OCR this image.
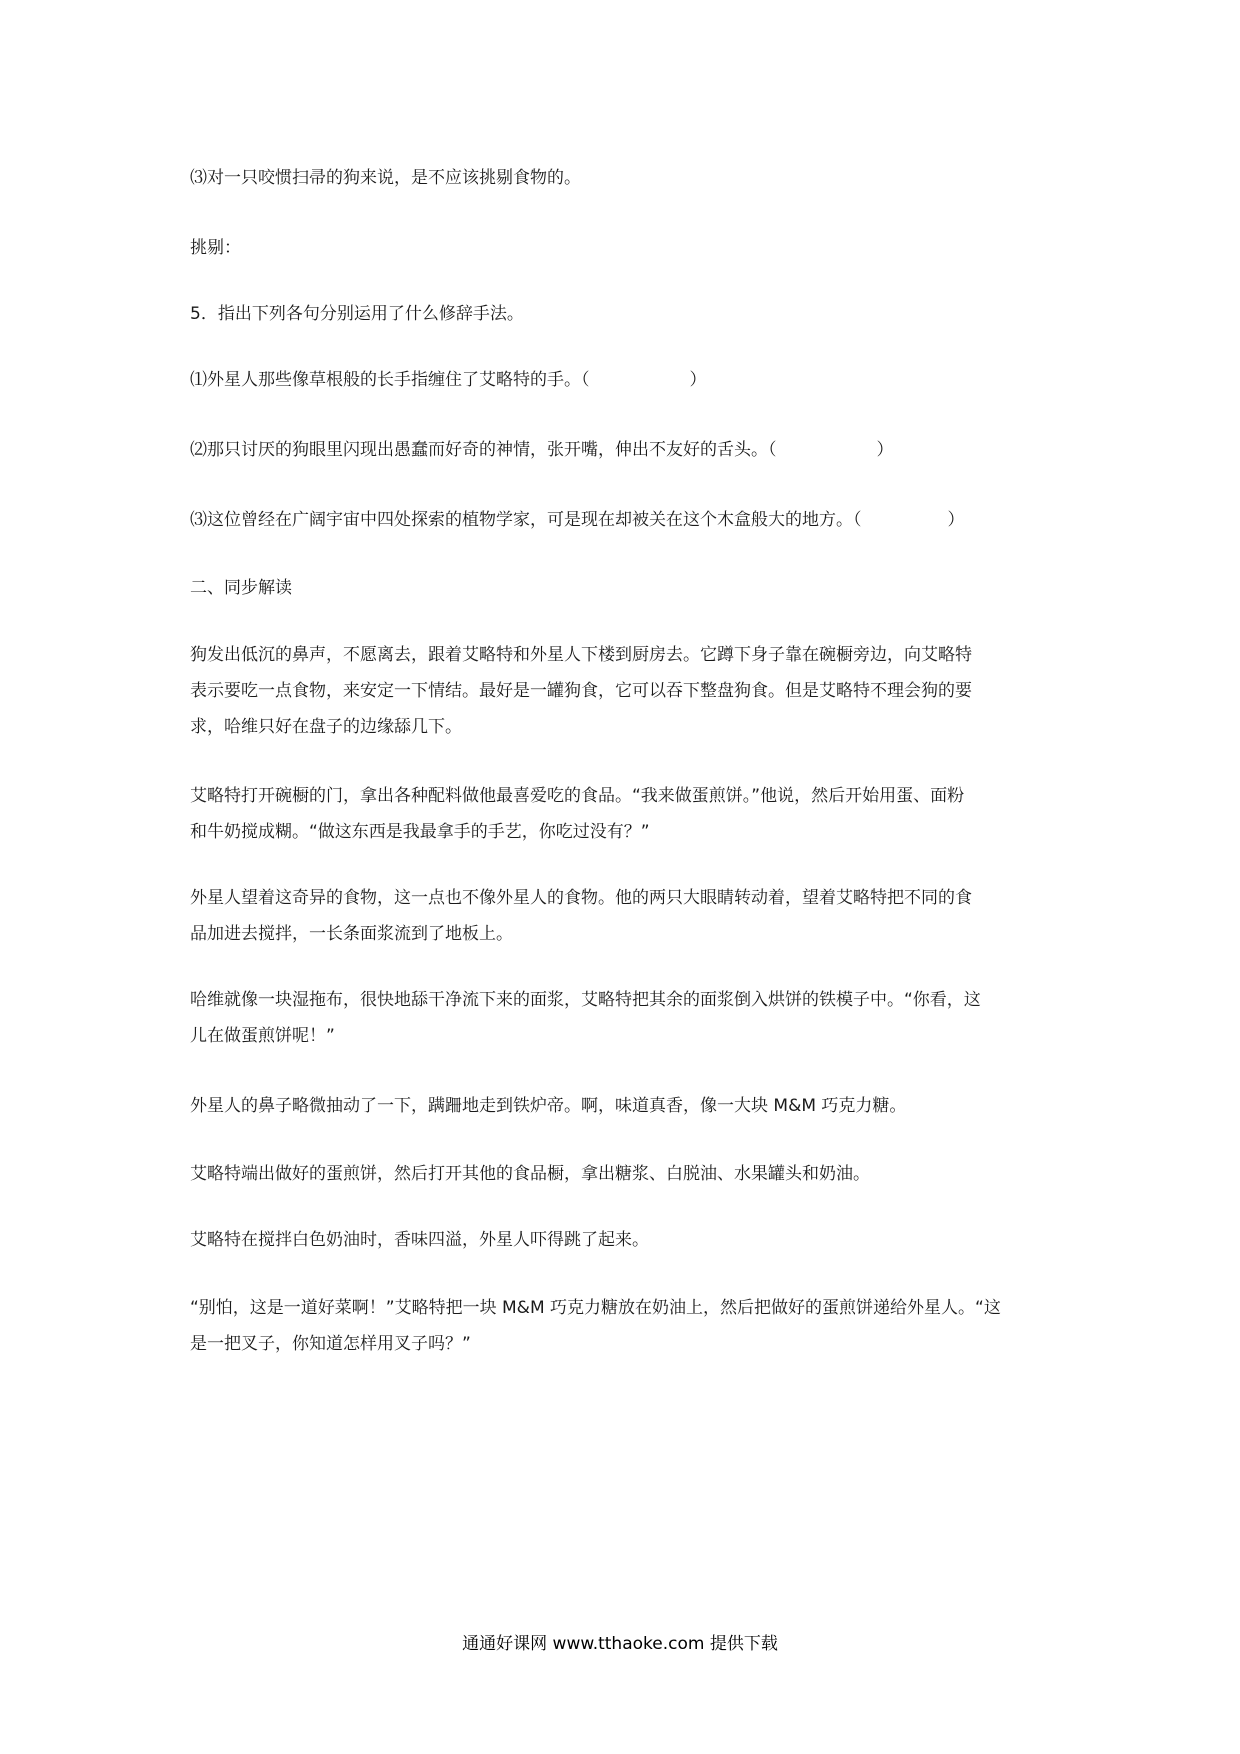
⑶对一只咬惯扫帚的狗来说，是不应该挑剔食物的。
挑剔：
5．指出下列各句分别运用了什么修辞手法。
⑴外星人那些像草根般的长手指缠住了艾略特的手。（	）
⑵那只讨厌的狗眼里闪现出愚蠢而好奇的神情，张开嘴，伸出不友好的舌头。（	）
⑶这位曾经在广阔宇宙中四处探索的植物学家，可是现在却被关在这个木盒般大的地方。（	）
二、同步解读
狗发出低沉的鼻声，不愿离去，跟着艾略特和外星人下楼到厨房去。它蹲下身子靠在碗橱旁边，向艾略特
表示要吃一点食物，来安定一下情结。最好是一罐狗食，它可以吞下整盘狗食。但是艾略特不理会狗的要
求，哈维只好在盘子的边缘舔几下。
艾略特打开碗橱的门，拿出各种配料做他最喜爱吃的食品。“我来做蛋煎饼。”他说，然后开始用蛋、面粉
和牛奶搅成糊。“做这东西是我最拿手的手艺，你吃过没有？”
外星人望着这奇异的食物，这一点也不像外星人的食物。他的两只大眼睛转动着，望着艾略特把不同的食
品加进去搅拌，一长条面浆流到了地板上。
哈维就像一块湿拖布，很快地舔干净流下来的面浆，艾略特把其余的面浆倒入烘饼的铁模子中。“你看，这
儿在做蛋煎饼呢！”
外星人的鼻子略微抽动了一下，蹒跚地走到铁炉帝。啊，味道真香，像一大块 M&M 巧克力糖。
艾略特端出做好的蛋煎饼，然后打开其他的食品橱，拿出糖浆、白脱油、水果罐头和奶油。
艾略特在搅拌白色奶油时，香味四溢，外星人吓得跳了起来。
“别怕，这是一道好菜啊！”艾略特把一块 M&M 巧克力糖放在奶油上，然后把做好的蛋煎饼递给外星人。“这
是一把叉子，你知道怎样用叉子吗？”
通通好课网 www.tthaoke.com 提供下载
